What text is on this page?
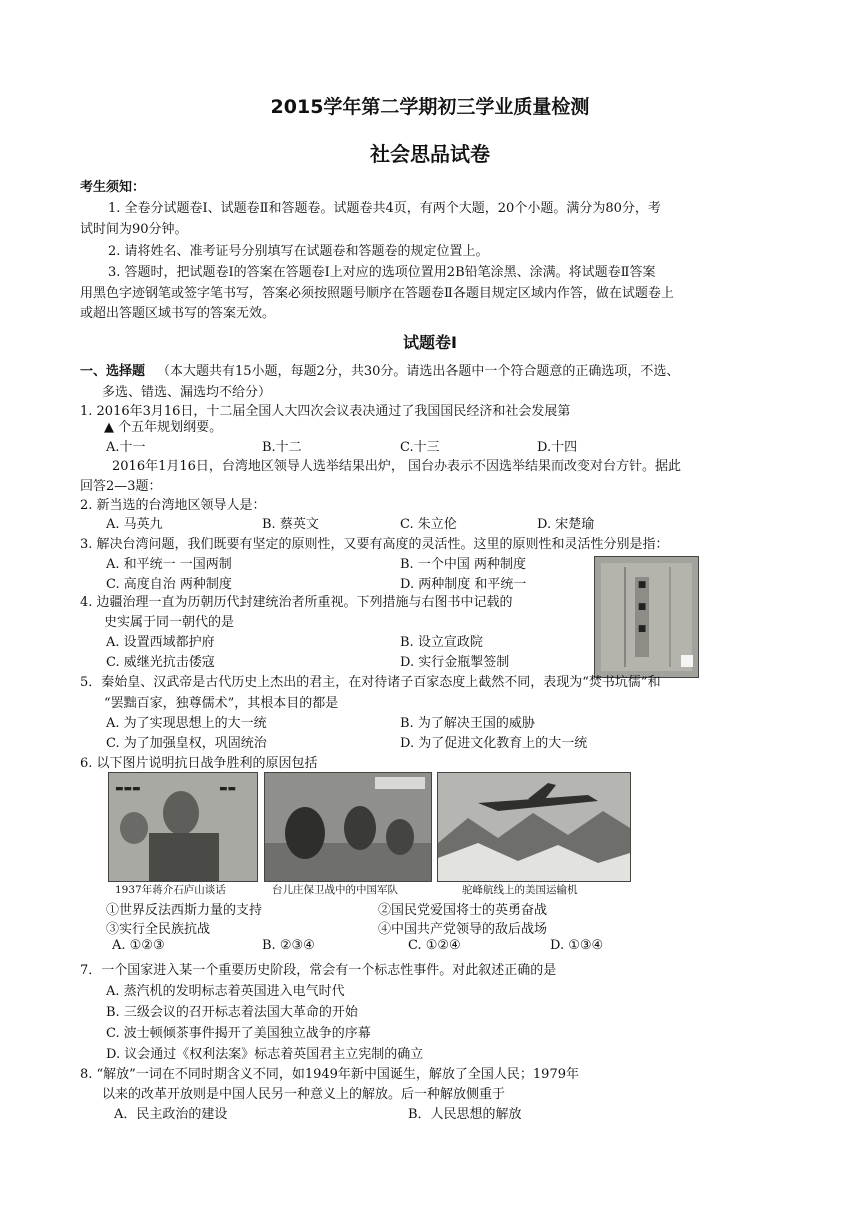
2015学年第二学期初三学业质量检测
社会思品试卷
考生须知：
1. 全卷分试题卷Ⅰ、试题卷Ⅱ和答题卷。试题卷共4页，有两个大题，20个小题。满分为80分，考
试时间为90分钟。
2. 请将姓名、准考证号分别填写在试题卷和答题卷的规定位置上。
3. 答题时，把试题卷Ⅰ的答案在答题卷Ⅰ上对应的选项位置用2B铅笔涂黑、涂满。将试题卷Ⅱ答案
用黑色字迹钢笔或签字笔书写，答案必须按照题号顺序在答题卷Ⅱ各题目规定区域内作答，做在试题卷上
或超出答题区域书写的答案无效。
试题卷Ⅰ
一、选择题 （本大题共有15小题，每题2分，共30分。请选出各题中一个符合题意的正确选项，不选、
多选、错选、漏选均不给分）
1. 2016年3月16日，十二届全国人大四次会议表决通过了我国国民经济和社会发展第
▲ 个五年规划纲要。
A.十一	B.十二	C.十三	D.十四
2016年1月16日，台湾地区领导人选举结果出炉， 国台办表示不因选举结果而改变对台方针。据此
回答2—3题：
2. 新当选的台湾地区领导人是：
A. 马英九	B. 蔡英文	C. 朱立伦	D. 宋楚瑜
3. 解决台湾问题，我们既要有坚定的原则性，又要有高度的灵活性。这里的原则性和灵活性分别是指：
A. 和平统一 一国两制	B. 一个中国 两种制度
C. 高度自治 两种制度	D. 两种制度 和平统一	■
■
■
4. 边疆治理一直为历朝历代封建统治者所重视。下列措施与右图书中记载的
史实属于同一朝代的是
A. 设置西域都护府	B. 设立宣政院
C. 威继光抗击倭寇	D. 实行金瓶掣签制
5．秦始皇、汉武帝是古代历史上杰出的君主，在对待诸子百家态度上截然不同，表现为“焚书坑儒”和
“罢黜百家，独尊儒术”，其根本目的都是
A. 为了实现思想上的大一统	B. 为了解决王国的威胁
C. 为了加强皇权，巩固统治	D. 为了促进文化教育上的大一统
6. 以下图片说明抗日战争胜利的原因包括
▬▬▬	▬▬
1937年蒋介石庐山谈话	台儿庄保卫战中的中国军队	驼峰航线上的美国运输机
①世界反法西斯力量的支持	②国民党爱国将士的英勇奋战
③实行全民族抗战	④中国共产党领导的敌后战场
A. ①②③	B. ②③④	C. ①②④	D. ①③④
7．一个国家进入某一个重要历史阶段，常会有一个标志性事件。对此叙述正确的是
A. 蒸汽机的发明标志着英国进入电气时代
B. 三级会议的召开标志着法国大革命的开始
C. 波士顿倾茶事件揭开了美国独立战争的序幕
D. 议会通过《权利法案》标志着英国君主立宪制的确立
8. “解放”一词在不同时期含义不同，如1949年新中国诞生，解放了全国人民；1979年
以来的改革开放则是中国人民另一种意义上的解放。后一种解放侧重于
A．民主政治的建设	B．人民思想的解放
